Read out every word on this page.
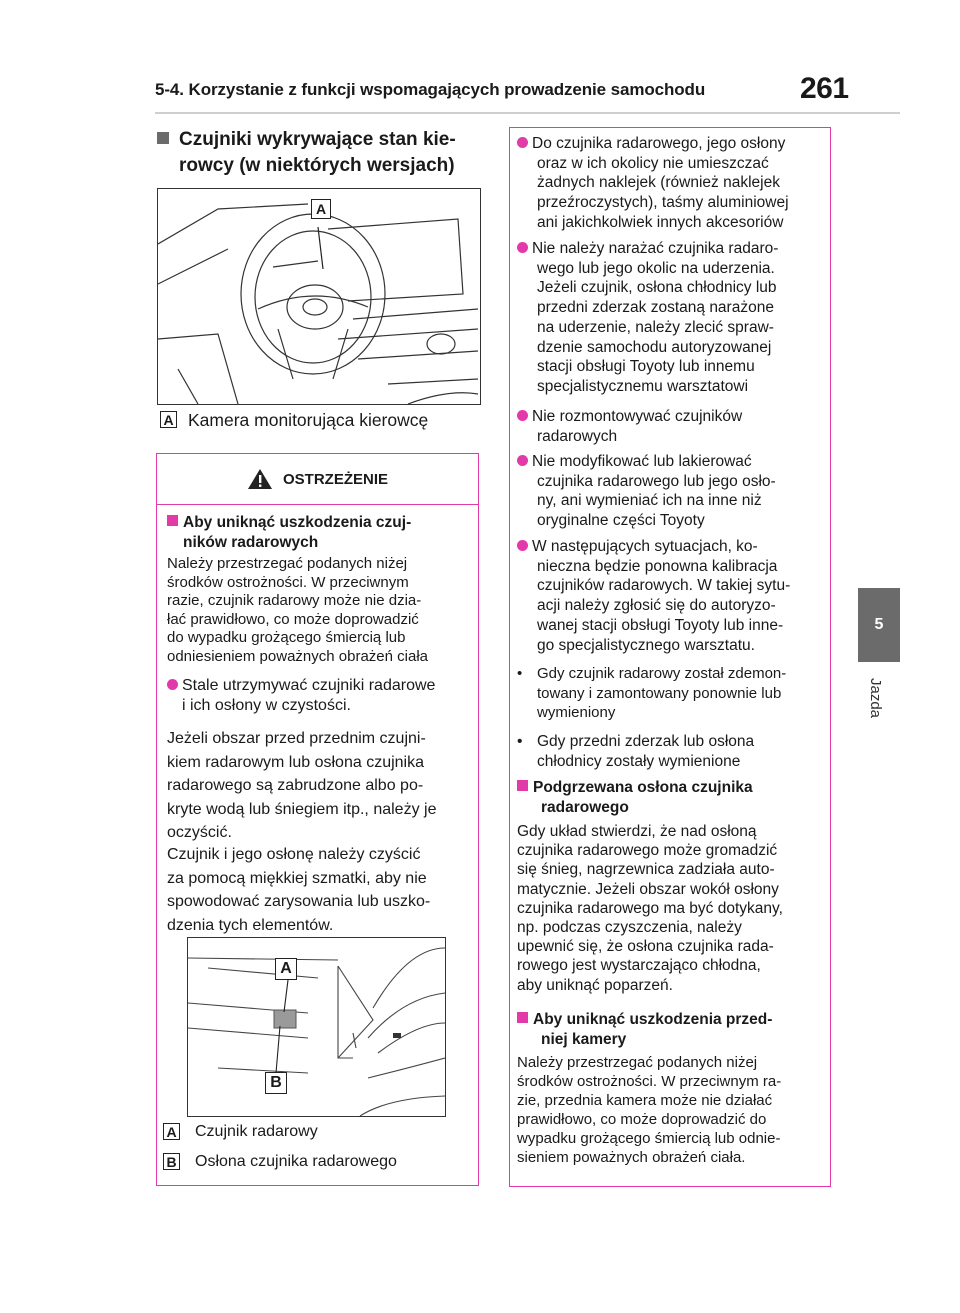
5-4. Korzystanie z funkcji wspomagających prowadzenie samochodu	261
5
Jazda
Czujniki wykrywające stan kie-
rowcy (w niektórych wersjach)
A
A Kamera monitorująca kierowcę
OSTRZEŻENIE
Aby uniknąć uszkodzenia czuj-
ników radarowych
Należy przestrzegać podanych niżej
środków ostrożności. W przeciwnym
razie, czujnik radarowy może nie dzia-
łać prawidłowo, co może doprowadzić
do wypadku grożącego śmiercią lub
odniesieniem poważnych obrażeń ciała
Stale utrzymywać czujniki radarowe
i ich osłony w czystości.
Jeżeli obszar przed przednim czujni-
kiem radarowym lub osłona czujnika
radarowego są zabrudzone albo po-
kryte wodą lub śniegiem itp., należy je
oczyścić.
Czujnik i jego osłonę należy czyścić
za pomocą miękkiej szmatki, aby nie
spowodować zarysowania lub uszko-
dzenia tych elementów.
A
B
A Czujnik radarowy
B Osłona czujnika radarowego
Do czujnika radarowego, jego osłony
oraz w ich okolicy nie umieszczać
żadnych naklejek (również naklejek
przeźroczystych), taśmy aluminiowej
ani jakichkolwiek innych akcesoriów
Nie należy narażać czujnika radaro-
wego lub jego okolic na uderzenia.
Jeżeli czujnik, osłona chłodnicy lub
przedni zderzak zostaną narażone
na uderzenie, należy zlecić spraw-
dzenie samochodu autoryzowanej
stacji obsługi Toyoty lub innemu
specjalistycznemu warsztatowi
Nie rozmontowywać czujników
radarowych
Nie modyfikować lub lakierować
czujnika radarowego lub jego osło-
ny, ani wymieniać ich na inne niż
oryginalne części Toyoty
W następujących sytuacjach, ko-
nieczna będzie ponowna kalibracja
czujników radarowych. W takiej sytu-
acji należy zgłosić się do autoryzo-
wanej stacji obsługi Toyoty lub inne-
go specjalistycznego warsztatu.
• Gdy czujnik radarowy został zdemon-
towany i zamontowany ponownie lub
wymieniony
• Gdy przedni zderzak lub osłona
chłodnicy zostały wymienione
Podgrzewana osłona czujnika
radarowego
Gdy układ stwierdzi, że nad osłoną
czujnika radarowego może gromadzić
się śnieg, nagrzewnica zadziała auto-
matycznie. Jeżeli obszar wokół osłony
czujnika radarowego ma być dotykany,
np. podczas czyszczenia, należy
upewnić się, że osłona czujnika rada-
rowego jest wystarczająco chłodna,
aby uniknąć poparzeń.
Aby uniknąć uszkodzenia przed-
niej kamery
Należy przestrzegać podanych niżej
środków ostrożności. W przeciwnym ra-
zie, przednia kamera może nie działać
prawidłowo, co może doprowadzić do
wypadku grożącego śmiercią lub odnie-
sieniem poważnych obrażeń ciała.
